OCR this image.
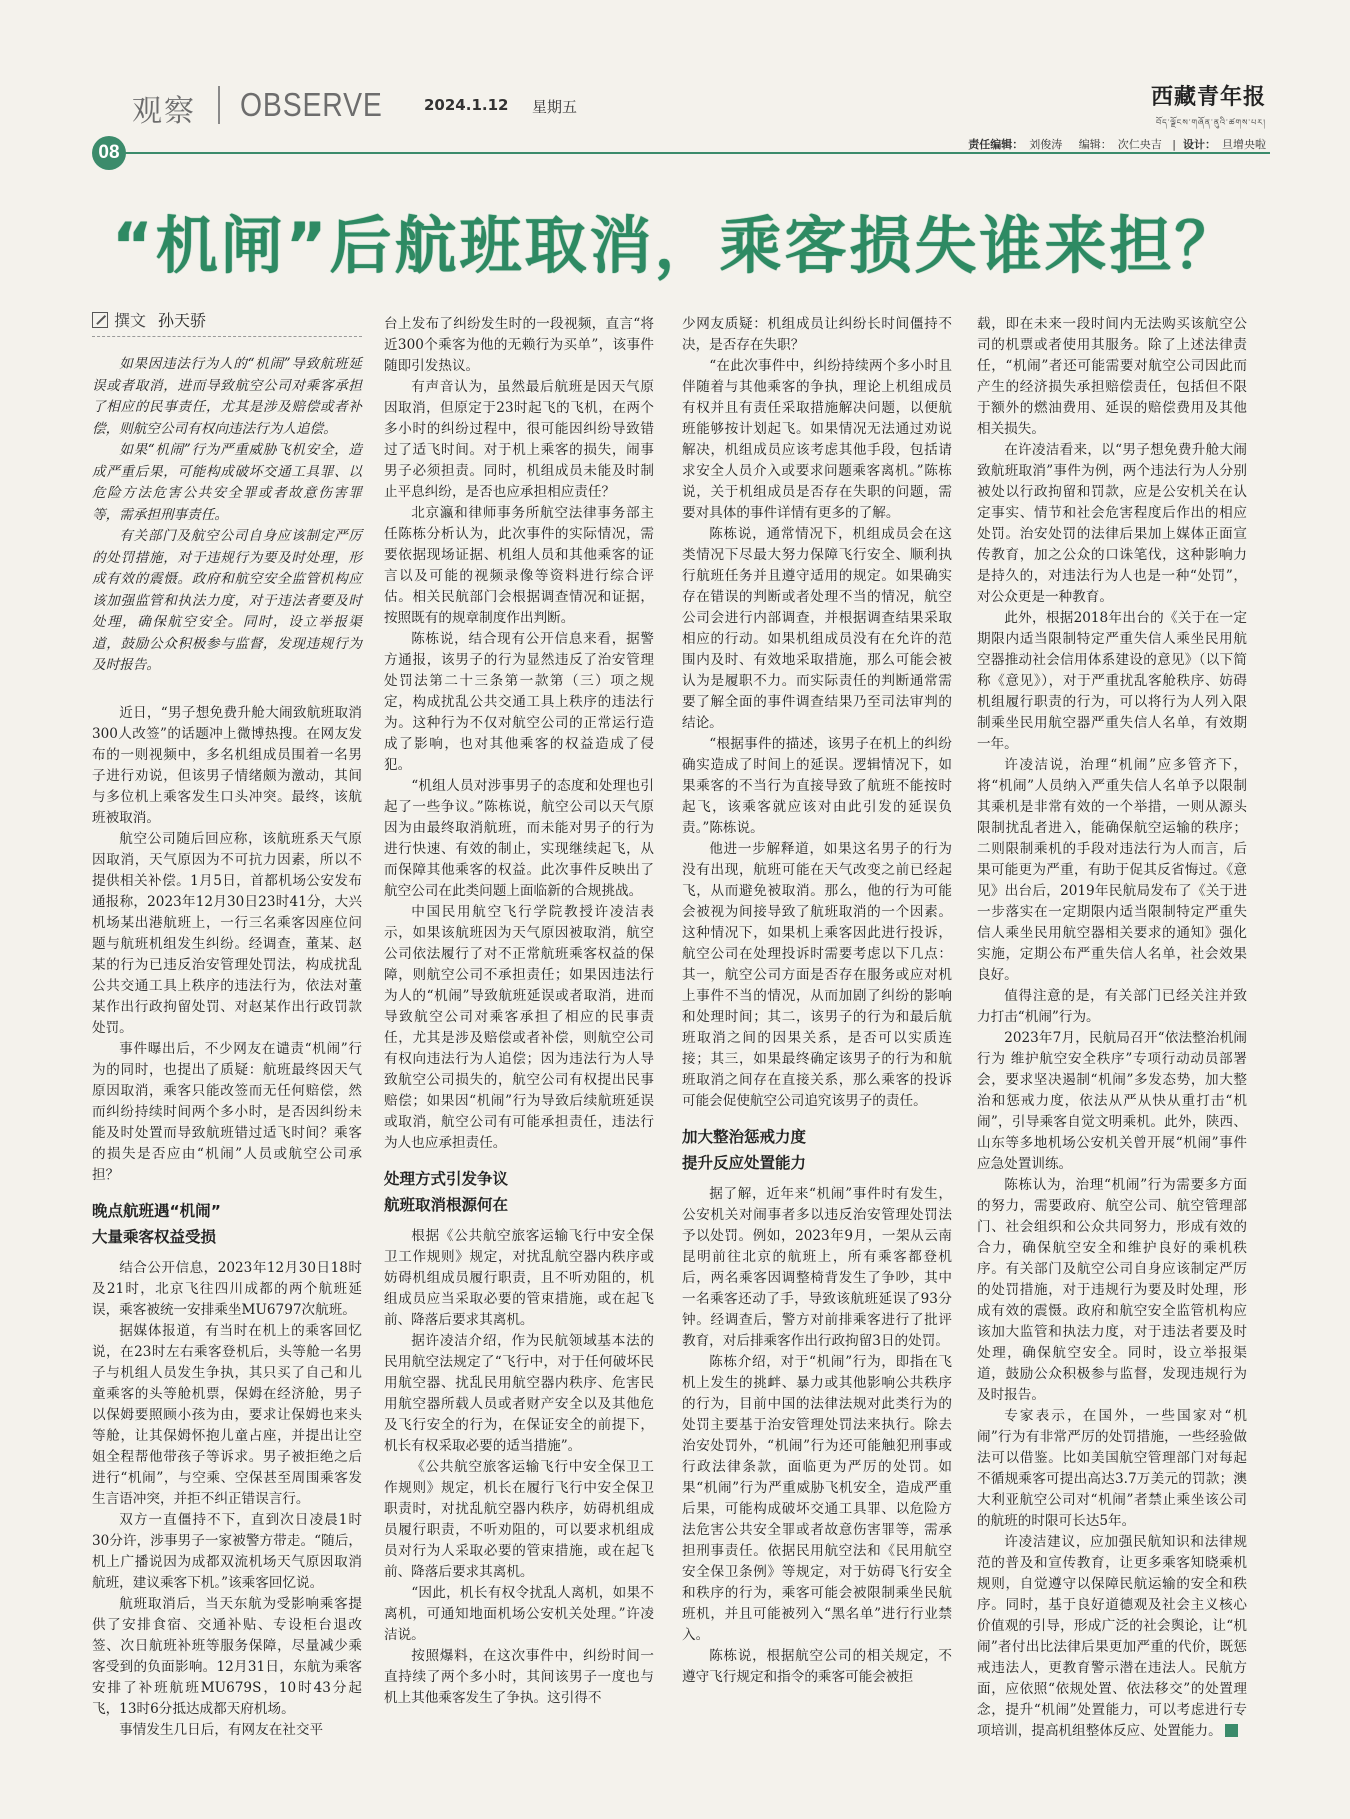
观察 OBSERVE	2024.1.12 星期五	西藏青年报
བོད་ལྗོངས་གཞོན་ནུའི་ཚགས་པར།
08	责任编辑： 刘俊涛 编辑： 次仁央吉   |  设计： 旦增央啦
“机闸”后航班取消，乘客损失谁来担？
撰文 孙天骄

如果因违法行为人的“机闹”导致航班延误或者取消，进而导致航空公司对乘客承担了相应的民事责任，尤其是涉及赔偿或者补偿，则航空公司有权向违法行为人追偿。

如果“机闹”行为严重威胁飞机安全，造成严重后果，可能构成破坏交通工具罪、以危险方法危害公共安全罪或者故意伤害罪等，需承担刑事责任。

有关部门及航空公司自身应该制定严厉的处罚措施，对于违规行为要及时处理，形成有效的震慑。政府和航空安全监管机构应该加强监管和执法力度，对于违法者要及时处理，确保航空安全。同时，设立举报渠道，鼓励公众积极参与监督，发现违规行为及时报告。

近日，“男子想免费升舱大闹致航班取消300人改签”的话题冲上微博热搜。在网友发布的一则视频中，多名机组成员围着一名男子进行劝说，但该男子情绪颇为激动，其间与多位机上乘客发生口头冲突。最终，该航班被取消。

航空公司随后回应称，该航班系天气原因取消，天气原因为不可抗力因素，所以不提供相关补偿。1月5日，首都机场公安发布通报称，2023年12月30日23时41分，大兴机场某出港航班上，一行三名乘客因座位问题与航班机组发生纠纷。经调查，董某、赵某的行为已违反治安管理处罚法，构成扰乱公共交通工具上秩序的违法行为，依法对董某作出行政拘留处罚、对赵某作出行政罚款处罚。

事件曝出后，不少网友在谴责“机闹”行为的同时，也提出了质疑：航班最终因天气原因取消，乘客只能改签而无任何赔偿，然而纠纷持续时间两个多小时，是否因纠纷未能及时处置而导致航班错过适飞时间？乘客的损失是否应由“机闹”人员或航空公司承担？

晚点航班遇“机闹”
大量乘客权益受损

结合公开信息，2023年12月30日18时及21时，北京飞往四川成都的两个航班延误，乘客被统一安排乘坐MU6797次航班。

据媒体报道，有当时在机上的乘客回忆说，在23时左右乘客登机后，头等舱一名男子与机组人员发生争执，其只买了自己和儿童乘客的头等舱机票，保姆在经济舱，男子以保姆要照顾小孩为由，要求让保姆也来头等舱，让其保姆怀抱儿童占座，并提出让空姐全程帮他带孩子等诉求。男子被拒绝之后进行“机闹”，与空乘、空保甚至周围乘客发生言语冲突，并拒不纠正错误言行。

双方一直僵持不下，直到次日凌晨1时30分许，涉事男子一家被警方带走。“随后，机上广播说因为成都双流机场天气原因取消航班，建议乘客下机。”该乘客回忆说。

航班取消后，当天东航为受影响乘客提供了安排食宿、交通补贴、专设柜台退改签、次日航班补班等服务保障，尽量减少乘客受到的负面影响。12月31日，东航为乘客安排了补班航班MU679S，10时43分起飞，13时6分抵达成都天府机场。

事情发生几日后，有网友在社交平

台上发布了纠纷发生时的一段视频，直言“将近300个乘客为他的无赖行为买单”，该事件随即引发热议。

有声音认为，虽然最后航班是因天气原因取消，但原定于23时起飞的飞机，在两个多小时的纠纷过程中，很可能因纠纷导致错过了适飞时间。对于机上乘客的损失，闹事男子必须担责。同时，机组成员未能及时制止平息纠纷，是否也应承担相应责任？

北京瀛和律师事务所航空法律事务部主任陈栋分析认为，此次事件的实际情况，需要依据现场证据、机组人员和其他乘客的证言以及可能的视频录像等资料进行综合评估。相关民航部门会根据调查情况和证据，按照既有的规章制度作出判断。

陈栋说，结合现有公开信息来看，据警方通报，该男子的行为显然违反了治安管理处罚法第二十三条第一款第（三）项之规定，构成扰乱公共交通工具上秩序的违法行为。这种行为不仅对航空公司的正常运行造成了影响，也对其他乘客的权益造成了侵犯。

“机组人员对涉事男子的态度和处理也引起了一些争议。”陈栋说，航空公司以天气原因为由最终取消航班，而未能对男子的行为进行快速、有效的制止，实现继续起飞，从而保障其他乘客的权益。此次事件反映出了航空公司在此类问题上面临新的合规挑战。

中国民用航空飞行学院教授许凌洁表示，如果该航班因为天气原因被取消，航空公司依法履行了对不正常航班乘客权益的保障，则航空公司不承担责任；如果因违法行为人的“机闹”导致航班延误或者取消，进而导致航空公司对乘客承担了相应的民事责任，尤其是涉及赔偿或者补偿，则航空公司有权向违法行为人追偿；因为违法行为人导致航空公司损失的，航空公司有权提出民事赔偿；如果因“机闹”行为导致后续航班延误或取消，航空公司有可能承担责任，违法行为人也应承担责任。

处理方式引发争议
航班取消根源何在

根据《公共航空旅客运输飞行中安全保卫工作规则》规定，对扰乱航空器内秩序或妨碍机组成员履行职责，且不听劝阻的，机组成员应当采取必要的管束措施，或在起飞前、降落后要求其离机。

据许凌洁介绍，作为民航领域基本法的民用航空法规定了“飞行中，对于任何破坏民用航空器、扰乱民用航空器内秩序、危害民用航空器所载人员或者财产安全以及其他危及飞行安全的行为，在保证安全的前提下，机长有权采取必要的适当措施”。

《公共航空旅客运输飞行中安全保卫工作规则》规定，机长在履行飞行中安全保卫职责时，对扰乱航空器内秩序，妨碍机组成员履行职责，不听劝阻的，可以要求机组成员对行为人采取必要的管束措施，或在起飞前、降落后要求其离机。

“因此，机长有权令扰乱人离机，如果不离机，可通知地面机场公安机关处理。”许凌洁说。

按照爆料，在这次事件中，纠纷时间一直持续了两个多小时，其间该男子一度也与机上其他乘客发生了争执。这引得不

少网友质疑：机组成员让纠纷长时间僵持不决，是否存在失职？

“在此次事件中，纠纷持续两个多小时且伴随着与其他乘客的争执，理论上机组成员有权并且有责任采取措施解决问题，以便航班能够按计划起飞。如果情况无法通过劝说解决，机组成员应该考虑其他手段，包括请求安全人员介入或要求问题乘客离机。”陈栋说，关于机组成员是否存在失职的问题，需要对具体的事件详情有更多的了解。

陈栋说，通常情况下，机组成员会在这类情况下尽最大努力保障飞行安全、顺利执行航班任务并且遵守适用的规定。如果确实存在错误的判断或者处理不当的情况，航空公司会进行内部调查，并根据调查结果采取相应的行动。如果机组成员没有在允许的范围内及时、有效地采取措施，那么可能会被认为是履职不力。而实际责任的判断通常需要了解全面的事件调查结果乃至司法审判的结论。

“根据事件的描述，该男子在机上的纠纷确实造成了时间上的延误。逻辑情况下，如果乘客的不当行为直接导致了航班不能按时起飞，该乘客就应该对由此引发的延误负责。”陈栋说。

他进一步解释道，如果这名男子的行为没有出现，航班可能在天气改变之前已经起飞，从而避免被取消。那么，他的行为可能会被视为间接导致了航班取消的一个因素。这种情况下，如果机上乘客因此进行投诉，航空公司在处理投诉时需要考虑以下几点：其一，航空公司方面是否存在服务或应对机上事件不当的情况，从而加剧了纠纷的影响和处理时间；其二，该男子的行为和最后航班取消之间的因果关系，是否可以实质连接；其三，如果最终确定该男子的行为和航班取消之间存在直接关系，那么乘客的投诉可能会促使航空公司追究该男子的责任。

加大整治惩戒力度
提升反应处置能力

据了解，近年来“机闹”事件时有发生，公安机关对闹事者多以违反治安管理处罚法予以处罚。例如，2023年9月，一架从云南昆明前往北京的航班上，所有乘客都登机后，两名乘客因调整椅背发生了争吵，其中一名乘客还动了手，导致该航班延误了93分钟。经调查后，警方对前排乘客进行了批评教育，对后排乘客作出行政拘留3日的处罚。

陈栋介绍，对于“机闹”行为，即指在飞机上发生的挑衅、暴力或其他影响公共秩序的行为，目前中国的法律法规对此类行为的处罚主要基于治安管理处罚法来执行。除去治安处罚外，“机闹”行为还可能触犯刑事或行政法律条款，面临更为严厉的处罚。如果“机闹”行为严重威胁飞机安全，造成严重后果，可能构成破坏交通工具罪、以危险方法危害公共安全罪或者故意伤害罪等，需承担刑事责任。依据民用航空法和《民用航空安全保卫条例》等规定，对于妨碍飞行安全和秩序的行为，乘客可能会被限制乘坐民航班机，并且可能被列入“黑名单”进行行业禁入。

陈栋说，根据航空公司的相关规定，不遵守飞行规定和指令的乘客可能会被拒

载，即在未来一段时间内无法购买该航空公司的机票或者使用其服务。除了上述法律责任，“机闹”者还可能需要对航空公司因此而产生的经济损失承担赔偿责任，包括但不限于额外的燃油费用、延误的赔偿费用及其他相关损失。

在许凌洁看来，以“男子想免费升舱大闹致航班取消”事件为例，两个违法行为人分别被处以行政拘留和罚款，应是公安机关在认定事实、情节和社会危害程度后作出的相应处罚。治安处罚的法律后果加上媒体正面宣传教育，加之公众的口诛笔伐，这种影响力是持久的，对违法行为人也是一种“处罚”，对公众更是一种教育。

此外，根据2018年出台的《关于在一定期限内适当限制特定严重失信人乘坐民用航空器推动社会信用体系建设的意见》（以下简称《意见》），对于严重扰乱客舱秩序、妨碍机组履行职责的行为，可以将行为人列入限制乘坐民用航空器严重失信人名单，有效期一年。

许凌洁说，治理“机闹”应多管齐下，将“机闹”人员纳入严重失信人名单予以限制其乘机是非常有效的一个举措，一则从源头限制扰乱者进入，能确保航空运输的秩序；二则限制乘机的手段对违法行为人而言，后果可能更为严重，有助于促其反省悔过。《意见》出台后，2019年民航局发布了《关于进一步落实在一定期限内适当限制特定严重失信人乘坐民用航空器相关要求的通知》强化实施，定期公布严重失信人名单，社会效果良好。

值得注意的是，有关部门已经关注并致力打击“机闹”行为。

2023年7月，民航局召开“依法整治机闹行为 维护航空安全秩序”专项行动动员部署会，要求坚决遏制“机闹”多发态势，加大整治和惩戒力度，依法从严从快从重打击“机闹”，引导乘客自觉文明乘机。此外，陕西、山东等多地机场公安机关曾开展“机闹”事件应急处置训练。

陈栋认为，治理“机闹”行为需要多方面的努力，需要政府、航空公司、航空管理部门、社会组织和公众共同努力，形成有效的合力，确保航空安全和维护良好的乘机秩序。有关部门及航空公司自身应该制定严厉的处罚措施，对于违规行为要及时处理，形成有效的震慑。政府和航空安全监管机构应该加大监管和执法力度，对于违法者要及时处理，确保航空安全。同时，设立举报渠道，鼓励公众积极参与监督，发现违规行为及时报告。

专家表示，在国外，一些国家对“机闹”行为有非常严厉的处罚措施，一些经验做法可以借鉴。比如美国航空管理部门对每起不循规乘客可提出高达3.7万美元的罚款；澳大利亚航空公司对“机闹”者禁止乘坐该公司的航班的时限可长达5年。

许凌洁建议，应加强民航知识和法律规范的普及和宣传教育，让更多乘客知晓乘机规则，自觉遵守以保障民航运输的安全和秩序。同时，基于良好道德观及社会主义核心价值观的引导，形成广泛的社会舆论，让“机闹”者付出比法律后果更加严重的代价，既惩戒违法人，更教育警示潜在违法人。民航方面，应依照“依规处置、依法移交”的处置理念，提升“机闹”处置能力，可以考虑进行专项培训，提高机组整体反应、处置能力。
